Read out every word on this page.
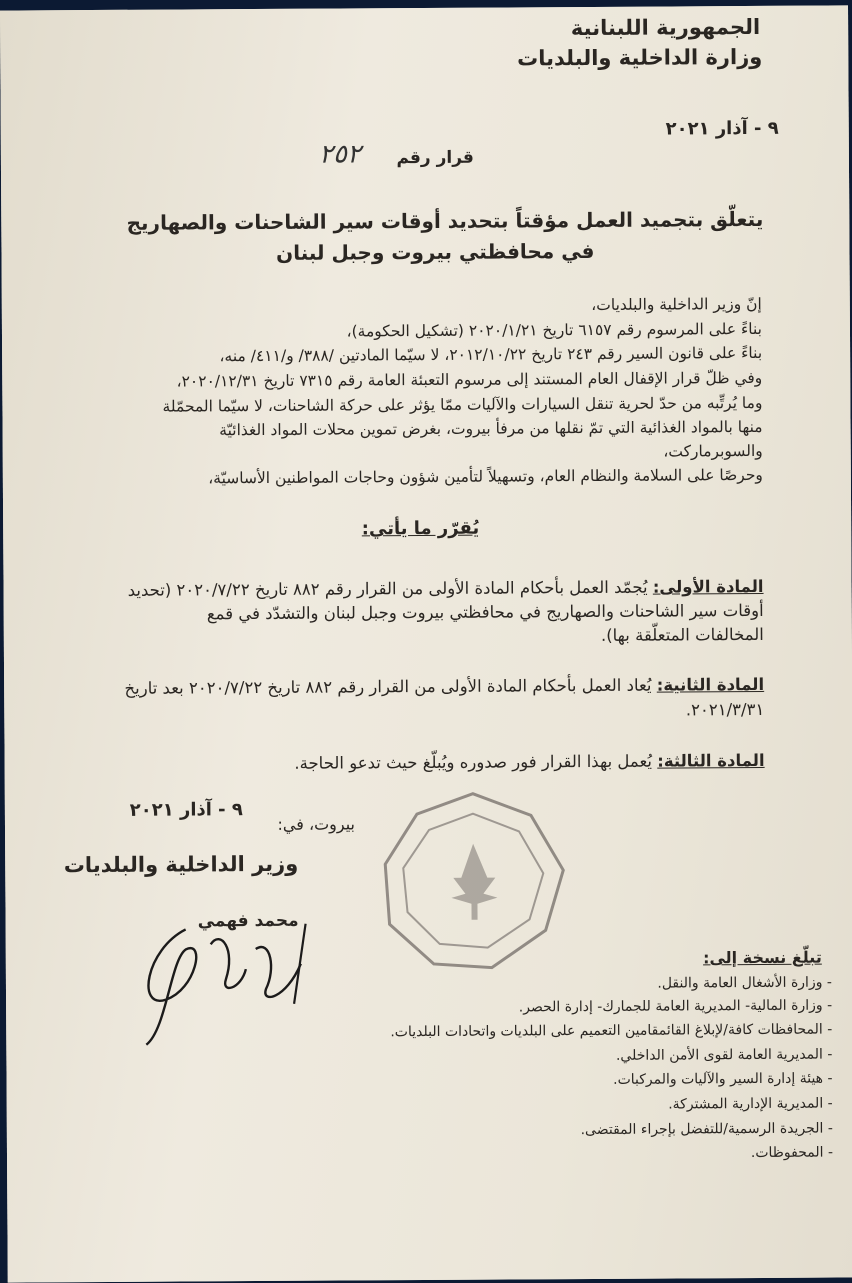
الجمهورية اللبنانية
وزارة الداخلية والبلديات
٩ - آذار ٢٠٢١
قرار رقم
٢٥٢
يتعلّق بتجميد العمل مؤقتاً بتحديد أوقات سير الشاحنات والصهاريج
في محافظتي بيروت وجبل لبنان
إنّ وزير الداخلية والبلديات،
بناءً على المرسوم رقم ٦١٥٧ تاريخ ٢٠٢٠/١/٢١ (تشكيل الحكومة)،
بناءً على قانون السير رقم ٢٤٣ تاريخ ٢٠١٢/١٠/٢٢، لا سيّما المادتين /٣٨٨/ و/٤١١/ منه،
وفي ظلّ قرار الإقفال العام المستند إلى مرسوم التعبئة العامة رقم ٧٣١٥ تاريخ ٢٠٢٠/١٢/٣١،
وما يُرتِّبه من حدّ لحرية تنقل السيارات والآليات ممّا يؤثر على حركة الشاحنات، لا سيّما المحمّلة
منها بالمواد الغذائية التي تمّ نقلها من مرفأ بيروت، بغرض تموين محلات المواد الغذائيّة
والسوبرماركت،
وحرصًا على السلامة والنظام العام، وتسهيلاً لتأمين شؤون وحاجات المواطنين الأساسيّة،
يُقرّر ما يأتي:
المادة الأولى: يُجمّد العمل بأحكام المادة الأولى من القرار رقم ٨٨٢ تاريخ ٢٠٢٠/٧/٢٢ (تحديد
أوقات سير الشاحنات والصهاريج في محافظتي بيروت وجبل لبنان والتشدّد في قمع
المخالفات المتعلّقة بها).
المادة الثانية: يُعاد العمل بأحكام المادة الأولى من القرار رقم ٨٨٢ تاريخ ٢٠٢٠/٧/٢٢ بعد تاريخ
٢٠٢١/٣/٣١.
المادة الثالثة: يُعمل بهذا القرار فور صدوره ويُبلّغ حيث تدعو الحاجة.
بيروت، في:
٩ - آذار ٢٠٢١
وزير الداخلية والبلديات
محمد فهمي
تبلّغ نسخة إلى:
- وزارة الأشغال العامة والنقل.
- وزارة المالية- المديرية العامة للجمارك- إدارة الحصر.
- المحافظات كافة/لإبلاغ القائمقامين التعميم على البلديات واتحادات البلديات.
- المديرية العامة لقوى الأمن الداخلي.
- هيئة إدارة السير والآليات والمركبات.
- المديرية الإدارية المشتركة.
- الجريدة الرسمية/للتفضل بإجراء المقتضى.
- المحفوظات.
